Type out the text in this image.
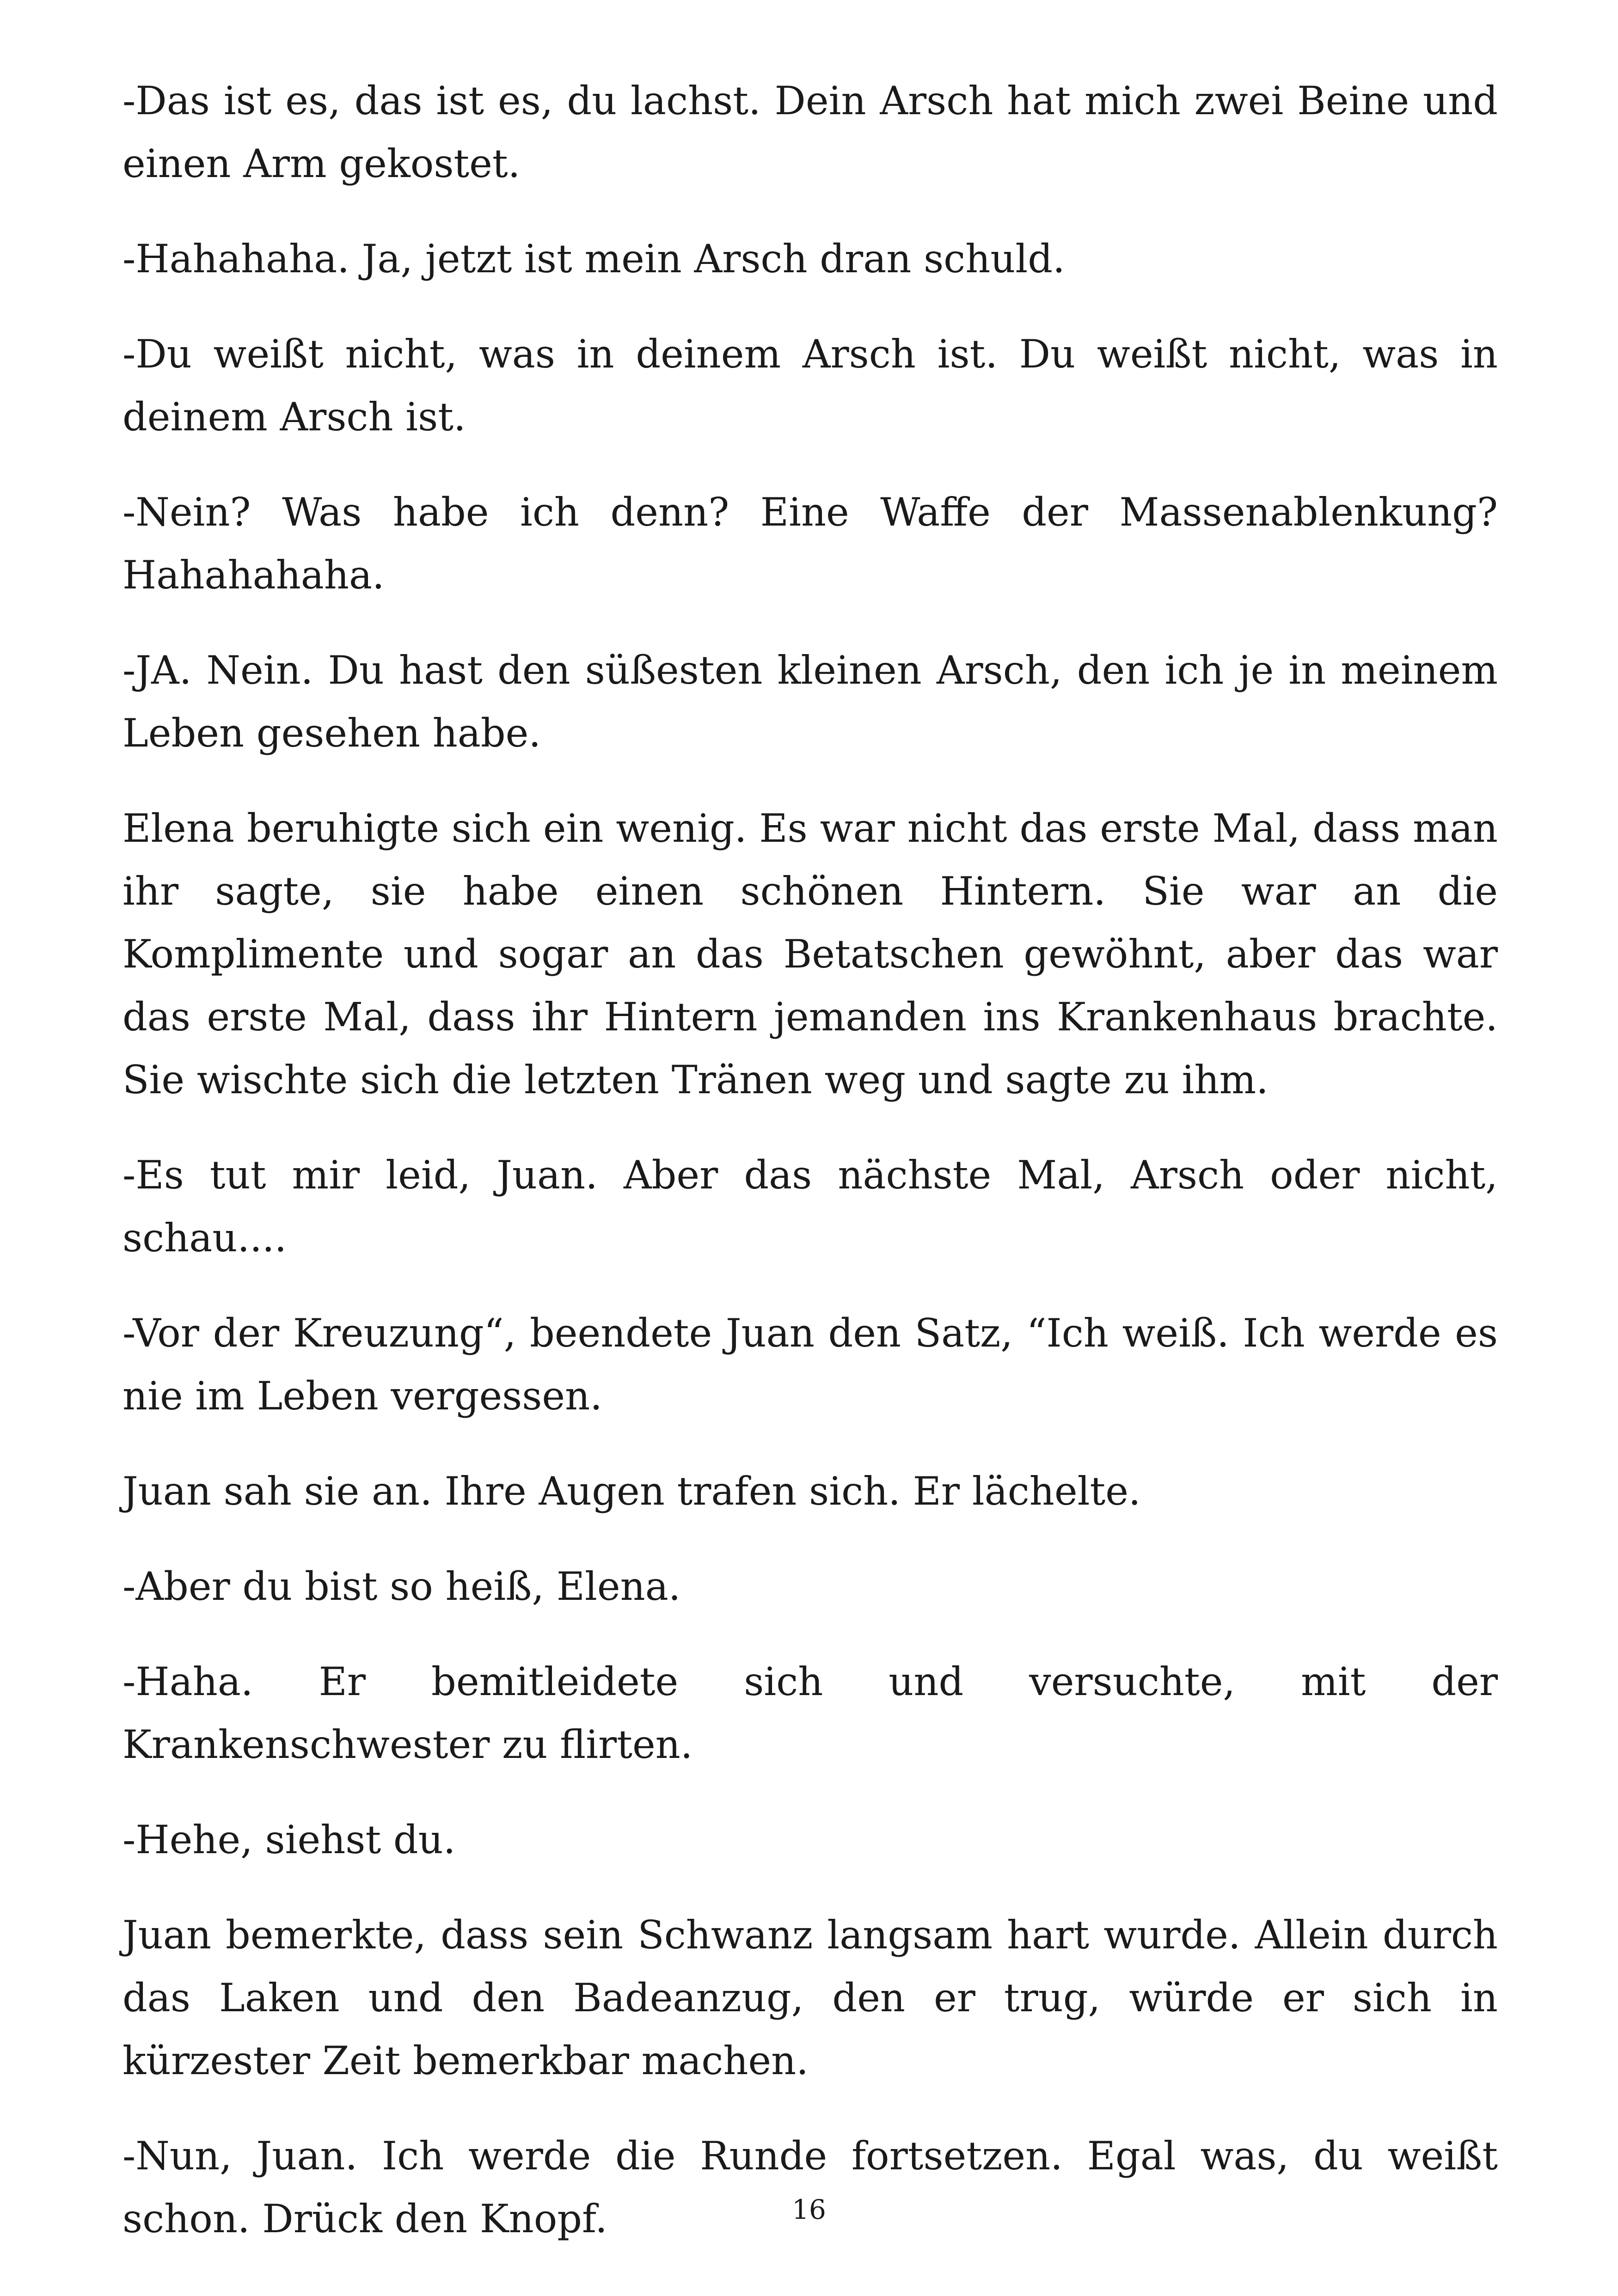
-Das ist es, das ist es, du lachst. Dein Arsch hat mich zwei Beine und einen Arm gekostet.

-Hahahaha. Ja, jetzt ist mein Arsch dran schuld.

-Du weißt nicht, was in deinem Arsch ist. Du weißt nicht, was in deinem Arsch ist.

-Nein? Was habe ich denn? Eine Waffe der Massenablenkung? Hahahahaha.

-JA. Nein. Du hast den süßesten kleinen Arsch, den ich je in meinem Leben gesehen habe.

Elena beruhigte sich ein wenig. Es war nicht das erste Mal, dass man ihr sagte, sie habe einen schönen Hintern. Sie war an die Komplimente und sogar an das Betatschen gewöhnt, aber das war das erste Mal, dass ihr Hintern jemanden ins Krankenhaus brachte. Sie wischte sich die letzten Tränen weg und sagte zu ihm.

-Es tut mir leid, Juan. Aber das nächste Mal, Arsch oder nicht, schau....

-Vor der Kreuzung“, beendete Juan den Satz, “Ich weiß. Ich werde es nie im Leben vergessen.

Juan sah sie an. Ihre Augen trafen sich. Er lächelte.

-Aber du bist so heiß, Elena.

-Haha. Er bemitleidete sich und versuchte, mit der Krankenschwester zu flirten.

-Hehe, siehst du.

Juan bemerkte, dass sein Schwanz langsam hart wurde. Allein durch das Laken und den Badeanzug, den er trug, würde er sich in kürzester Zeit bemerkbar machen.

-Nun, Juan. Ich werde die Runde fortsetzen. Egal was, du weißt schon. Drück den Knopf.	16
